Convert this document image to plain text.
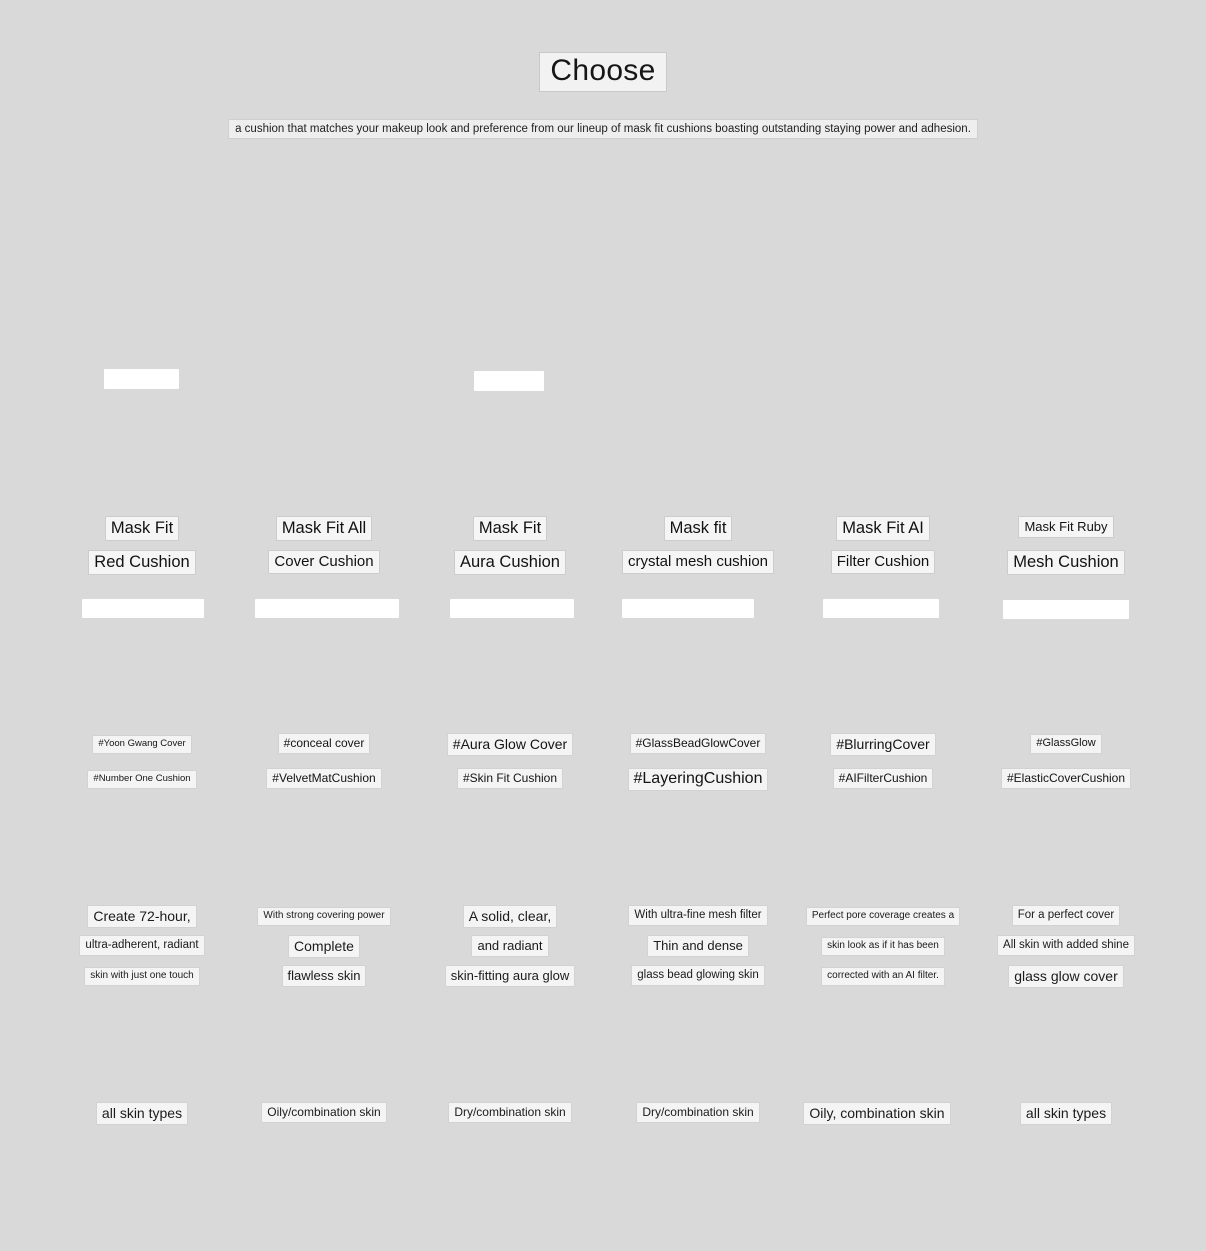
Choose
a cushion that matches your makeup look and preference from our lineup of mask fit cushions boasting outstanding staying power and adhesion.
Mask Fit
Red Cushion
#Yoon Gwang Cover
#Number One Cushion
Create 72-hour,
ultra-adherent, radiant
skin with just one touch
all skin types
Mask Fit All
Cover Cushion
#conceal cover
#VelvetMatCushion
With strong covering power
Complete
flawless skin
Oily/combination skin
Mask Fit
Aura Cushion
#Aura Glow Cover
#Skin Fit Cushion
A solid, clear,
and radiant
skin-fitting aura glow
Dry/combination skin
Mask fit
crystal mesh cushion
#GlassBeadGlowCover
#LayeringCushion
With ultra-fine mesh filter
Thin and dense
glass bead glowing skin
Dry/combination skin
Mask Fit AI
Filter Cushion
#BlurringCover
#AIFilterCushion
Perfect pore coverage creates a
skin look as if it has been
corrected with an AI filter.
Oily, combination skin
Mask Fit Ruby
Mesh Cushion
#GlassGlow
#ElasticCoverCushion
For a perfect cover
All skin with added shine
glass glow cover
all skin types
